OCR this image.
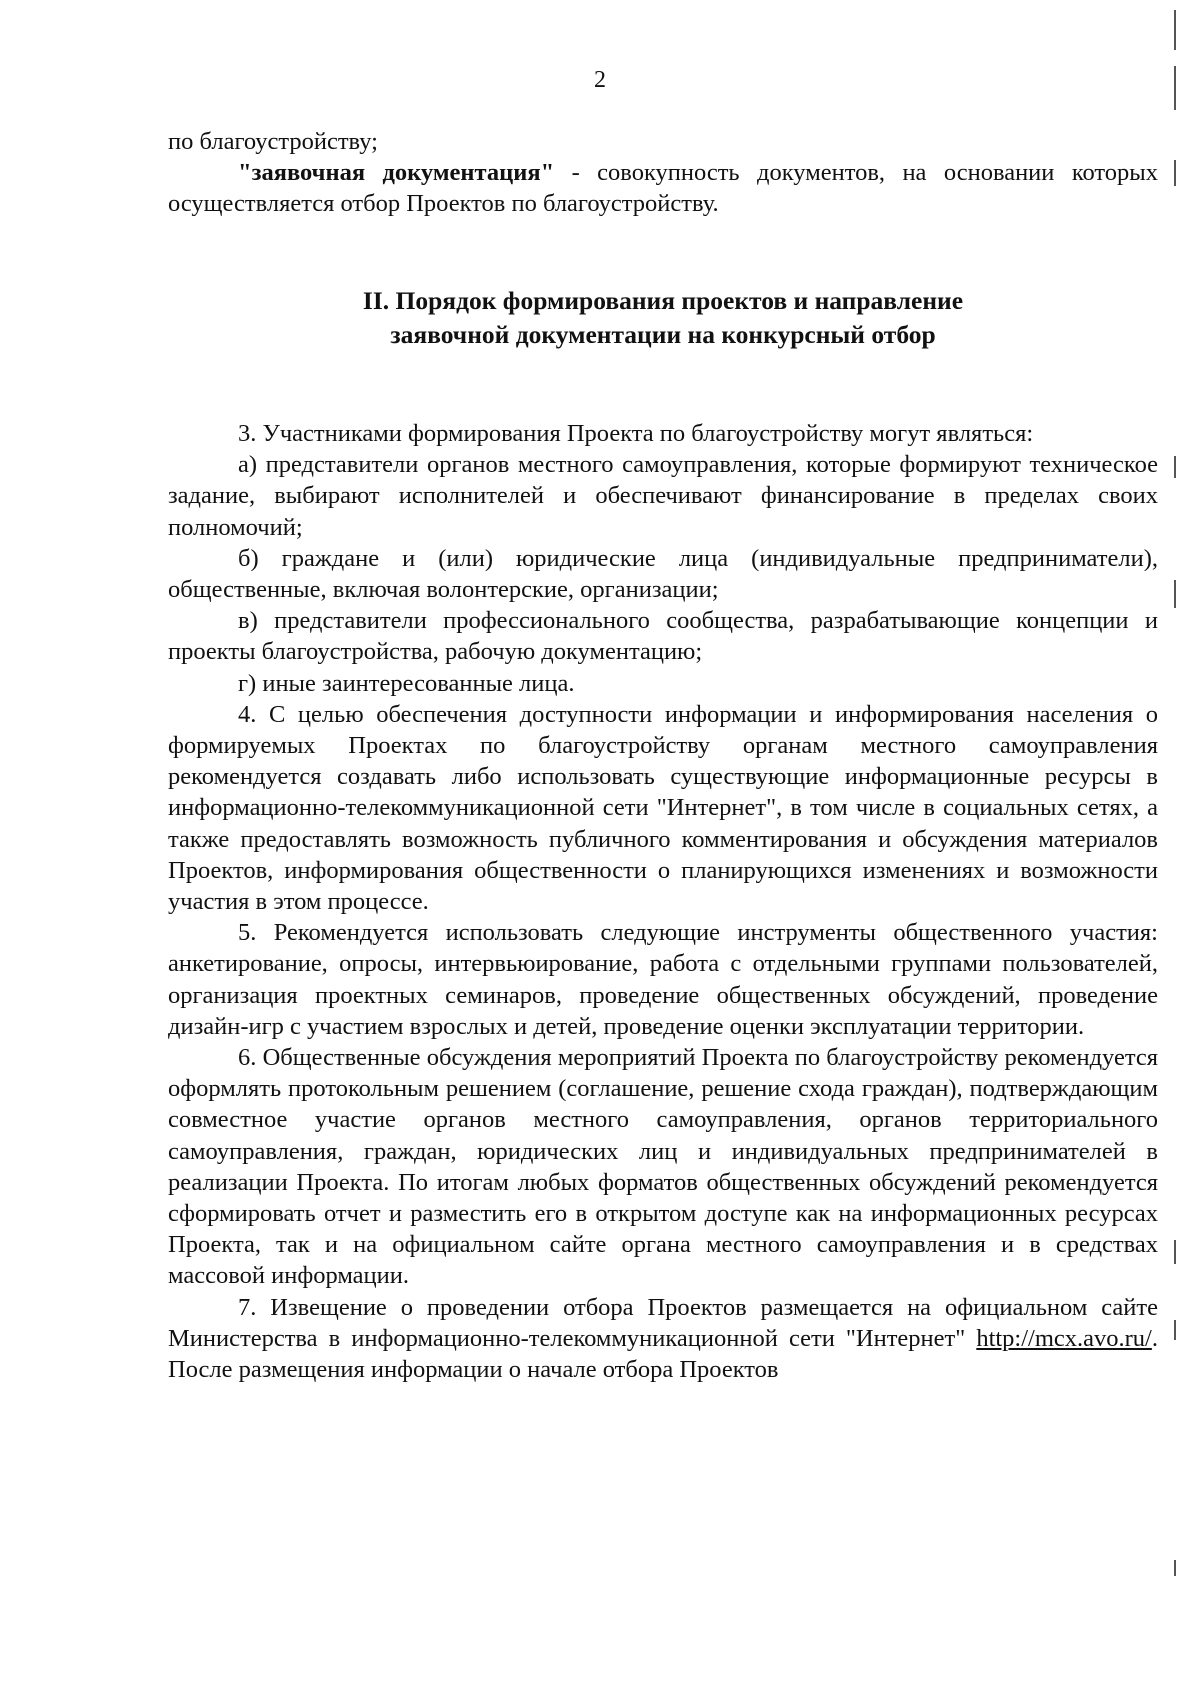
2

по благоустройству;

"заявочная документация" - совокупность документов, на основании которых осуществляется отбор Проектов по благоустройству.

II. Порядок формирования проектов и направление
заявочной документации на конкурсный отбор

3. Участниками формирования Проекта по благоустройству могут являться:

а) представители органов местного самоуправления, которые формируют техническое задание, выбирают исполнителей и обеспечивают финансирование в пределах своих полномочий;

б) граждане и (или) юридические лица (индивидуальные предприниматели), общественные, включая волонтерские, организации;

в) представители профессионального сообщества, разрабатывающие концепции и проекты благоустройства, рабочую документацию;

г) иные заинтересованные лица.

4. С целью обеспечения доступности информации и информирования населения о формируемых Проектах по благоустройству органам местного самоуправления рекомендуется создавать либо использовать существующие информационные ресурсы в информационно-телекоммуникационной сети "Интернет", в том числе в социальных сетях, а также предоставлять возможность публичного комментирования и обсуждения материалов Проектов, информирования общественности о планирующихся изменениях и возможности участия в этом процессе.

5. Рекомендуется использовать следующие инструменты общественного участия: анкетирование, опросы, интервьюирование, работа с отдельными группами пользователей, организация проектных семинаров, проведение общественных обсуждений, проведение дизайн-игр с участием взрослых и детей, проведение оценки эксплуатации территории.

6. Общественные обсуждения мероприятий Проекта по благоустройству рекомендуется оформлять протокольным решением (соглашение, решение схода граждан), подтверждающим совместное участие органов местного самоуправления, органов территориального самоуправления, граждан, юридических лиц и индивидуальных предпринимателей в реализации Проекта. По итогам любых форматов общественных обсуждений рекомендуется сформировать отчет и разместить его в открытом доступе как на информационных ресурсах Проекта, так и на официальном сайте органа местного самоуправления и в средствах массовой информации.

7. Извещение о проведении отбора Проектов размещается на официальном сайте Министерства в информационно-телекоммуникационной сети "Интернет" http://mcx.avo.ru/. После размещения информации о начале отбора Проектов
